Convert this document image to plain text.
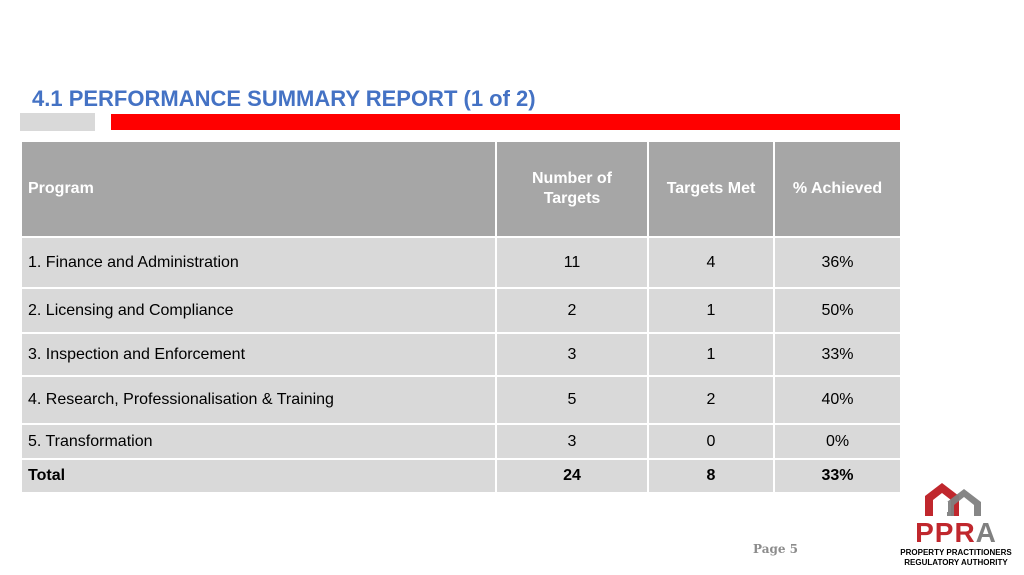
4.1 PERFORMANCE SUMMARY REPORT (1 of 2)
Program	Number of Targets	Targets Met	% Achieved
1. Finance and Administration	11	4	36%
2. Licensing and Compliance	2	1	50%
3. Inspection and Enforcement	3	1	33%
4. Research, Professionalisation & Training	5	2	40%
5. Transformation	3	0	0%
Total	24	8	33%
Page 5
PPRA
PROPERTY PRACTITIONERS
REGULATORY AUTHORITY
